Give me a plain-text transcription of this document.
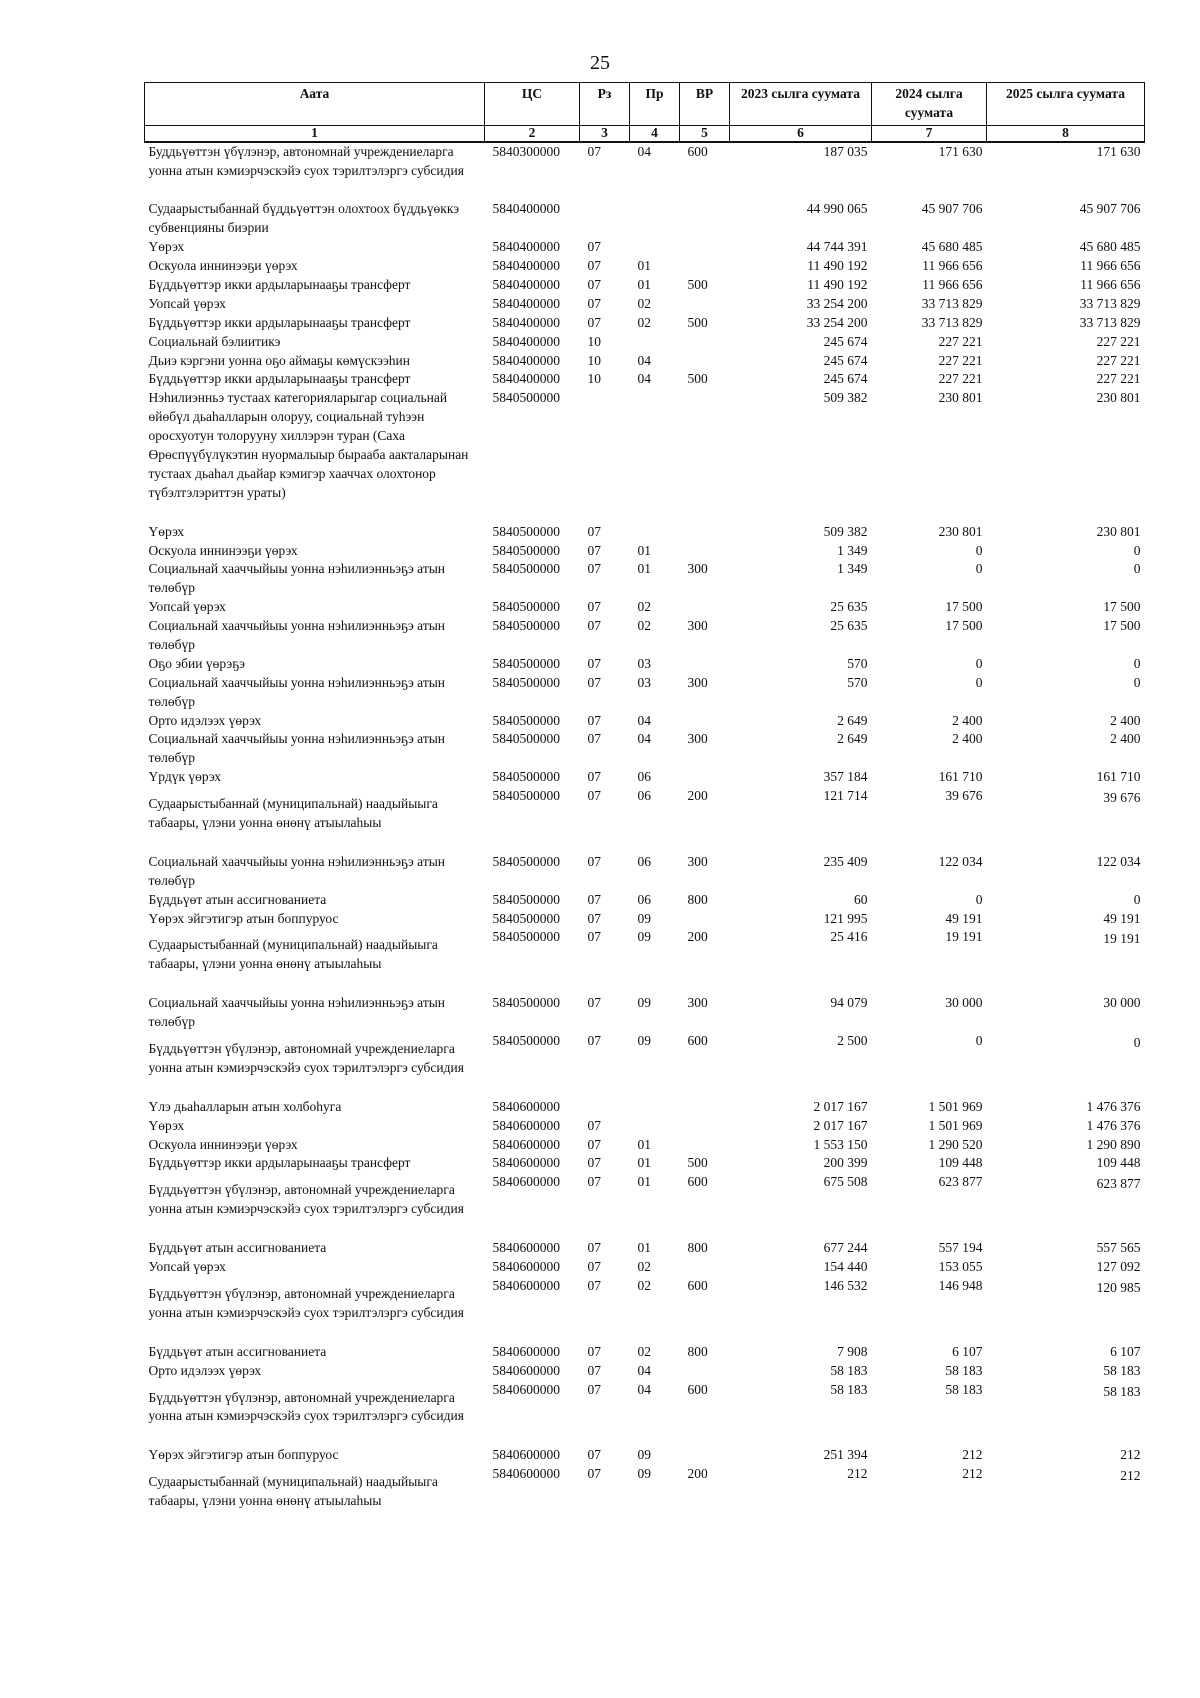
25
Аата	ЦС	Рз	Пр	ВР	2023 сылга суумата	2024 сылга суумата	2025 сылга суумата
1	2	3	4	5	6	7	8
Буддьүөттэн үбүлэнэр, автономнай учреждениеларга уонна атын кэмиэрчэскэйэ суох тэрилтэлэргэ субсидия	5840300000	07	04	600	187 035	171 630	171 630

Судаарыстыбаннай бүддьүөттэн олохтоох бүддьүөккэ субвенцияны биэрии	5840400000				44 990 065	45 907 706	45 907 706
Үөрэх	5840400000	07			44 744 391	45 680 485	45 680 485
Оскуола иннинээҕи үөрэх	5840400000	07	01		11 490 192	11 966 656	11 966 656
Бүддьүөттэр икки ардыларынааҕы трансферт	5840400000	07	01	500	11 490 192	11 966 656	11 966 656
Уопсай үөрэх	5840400000	07	02		33 254 200	33 713 829	33 713 829
Бүддьүөттэр икки ардыларынааҕы трансферт	5840400000	07	02	500	33 254 200	33 713 829	33 713 829
Социальнай бэлиитикэ	5840400000	10			245 674	227 221	227 221
Дьиэ кэргэни уонна оҕо аймаҕы көмүскээһин	5840400000	10	04		245 674	227 221	227 221
Бүддьүөттэр икки ардыларынааҕы трансферт	5840400000	10	04	500	245 674	227 221	227 221
Нэһилиэнньэ тустаах категорияларыгар социальнай өйөбүл дьаһалларын олоруу, социальнай туһээн оросхуотун толорууну хиллэрэн туран (Саха Өрөспүүбүлүкэтин нуормалыыр бырааба аакталарынан тустаах дьаһал дьайар кэмигэр хааччах олохтонор түбэлтэлэриттэн ураты)	5840500000				509 382	230 801	230 801

Үөрэх	5840500000	07			509 382	230 801	230 801
Оскуола иннинээҕи үөрэх	5840500000	07	01		1 349	0	0
Социальнай хааччыйыы уонна нэһилиэнньэҕэ атын төлөбүр	5840500000	07	01	300	1 349	0	0
Уопсай үөрэх	5840500000	07	02		25 635	17 500	17 500
Социальнай хааччыйыы уонна нэһилиэнньэҕэ атын төлөбүр	5840500000	07	02	300	25 635	17 500	17 500
Оҕо эбии үөрэҕэ	5840500000	07	03		570	0	0
Социальнай хааччыйыы уонна нэһилиэнньэҕэ атын төлөбүр	5840500000	07	03	300	570	0	0
Орто идэлээх үөрэх	5840500000	07	04		2 649	2 400	2 400
Социальнай хааччыйыы уонна нэһилиэнньэҕэ атын төлөбүр	5840500000	07	04	300	2 649	2 400	2 400
Үрдүк үөрэх	5840500000	07	06		357 184	161 710	161 710
Судаарыстыбаннай (муниципальнай) наадыйыыга табаары, үлэни уонна өнөнү атыылаһыы	5840500000	07	06	200	121 714	39 676	39 676

Социальнай хааччыйыы уонна нэһилиэнньэҕэ атын төлөбүр	5840500000	07	06	300	235 409	122 034	122 034
Бүддьүөт атын ассигнованиета	5840500000	07	06	800	60	0	0
Үөрэх эйгэтигэр атын боппуруос	5840500000	07	09		121 995	49 191	49 191
Судаарыстыбаннай (муниципальнай) наадыйыыга табаары, үлэни уонна өнөнү атыылаһыы	5840500000	07	09	200	25 416	19 191	19 191

Социальнай хааччыйыы уонна нэһилиэнньэҕэ атын төлөбүр	5840500000	07	09	300	94 079	30 000	30 000
Бүддьүөттэн үбүлэнэр, автономнай учреждениеларга уонна атын кэмиэрчэскэйэ суох тэрилтэлэргэ субсидия	5840500000	07	09	600	2 500	0	0

Үлэ дьаһалларын атын холбоһуга	5840600000				2 017 167	1 501 969	1 476 376
Үөрэх	5840600000	07			2 017 167	1 501 969	1 476 376
Оскуола иннинээҕи үөрэх	5840600000	07	01		1 553 150	1 290 520	1 290 890
Бүддьүөттэр икки ардыларынааҕы трансферт	5840600000	07	01	500	200 399	109 448	109 448
Бүддьүөттэн үбүлэнэр, автономнай учреждениеларга уонна атын кэмиэрчэскэйэ суох тэрилтэлэргэ субсидия	5840600000	07	01	600	675 508	623 877	623 877

Бүддьүөт атын ассигнованиета	5840600000	07	01	800	677 244	557 194	557 565
Уопсай үөрэх	5840600000	07	02		154 440	153 055	127 092
Бүддьүөттэн үбүлэнэр, автономнай учреждениеларга уонна атын кэмиэрчэскэйэ суох тэрилтэлэргэ субсидия	5840600000	07	02	600	146 532	146 948	120 985

Бүддьүөт атын ассигнованиета	5840600000	07	02	800	7 908	6 107	6 107
Орто идэлээх үөрэх	5840600000	07	04		58 183	58 183	58 183
Бүддьүөттэн үбүлэнэр, автономнай учреждениеларга уонна атын кэмиэрчэскэйэ суох тэрилтэлэргэ субсидия	5840600000	07	04	600	58 183	58 183	58 183

Үөрэх эйгэтигэр атын боппуруос	5840600000	07	09		251 394	212	212
Судаарыстыбаннай (муниципальнай) наадыйыыга табаары, үлэни уонна өнөнү атыылаһыы	5840600000	07	09	200	212	212	212
